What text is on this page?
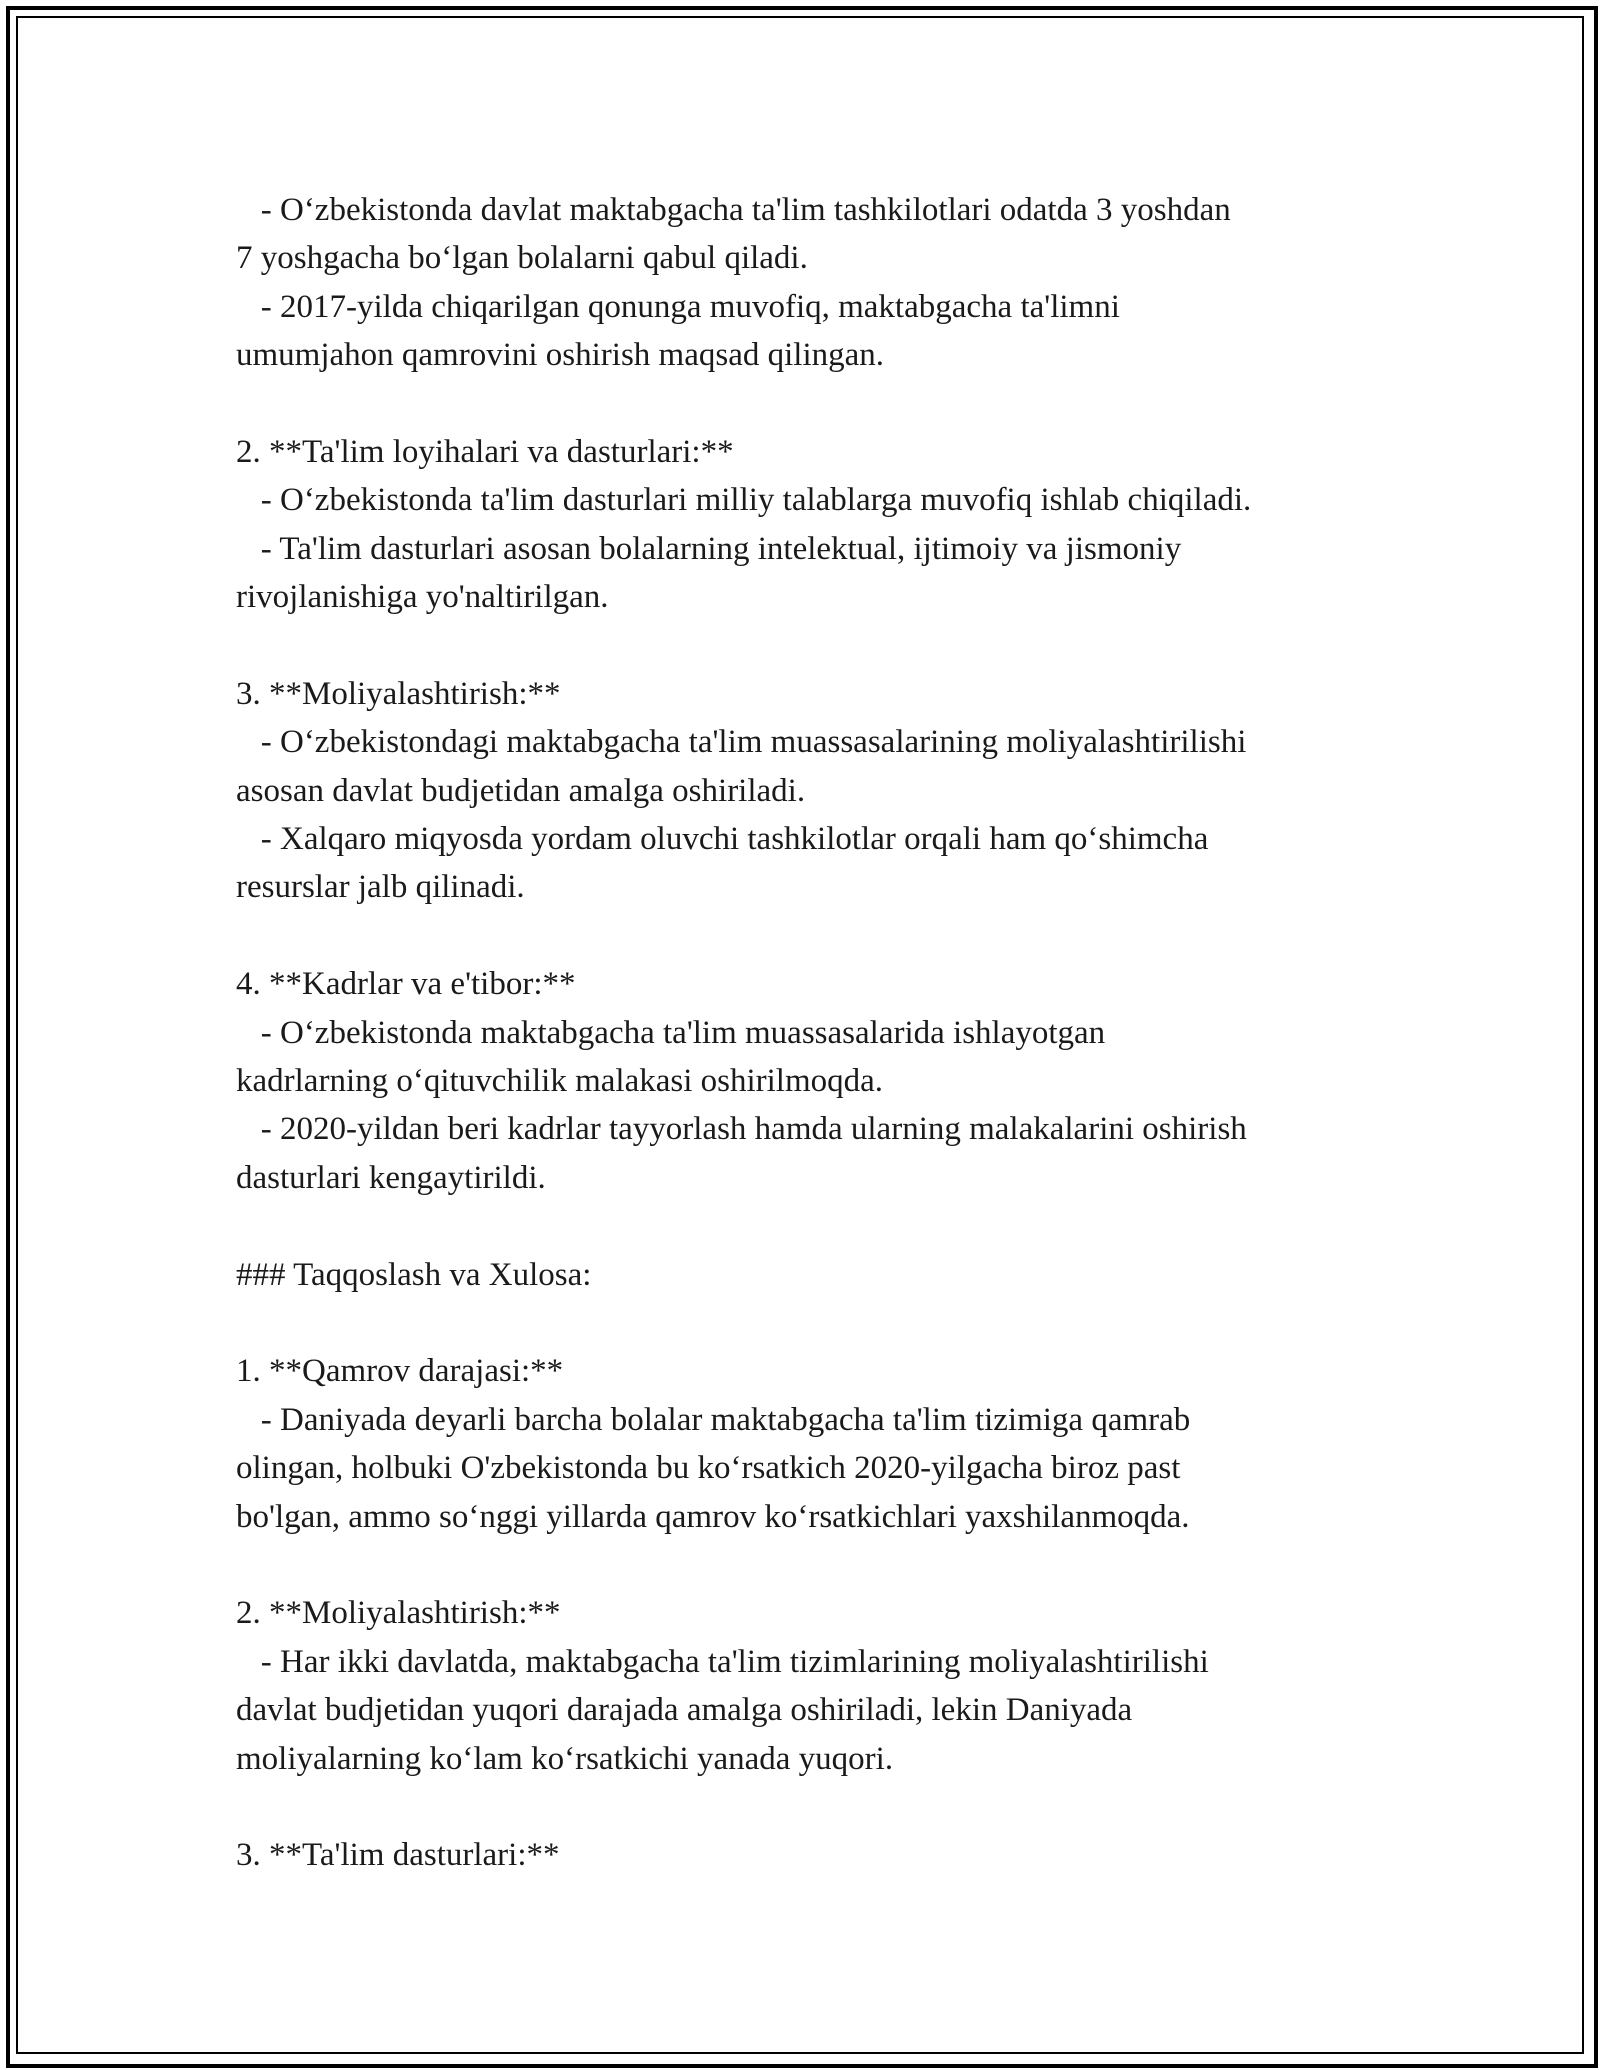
- O‘zbekistonda davlat maktabgacha ta'lim tashkilotlari odatda 3 yoshdan
7 yoshgacha bo‘lgan bolalarni qabul qiladi.
- 2017-yilda chiqarilgan qonunga muvofiq, maktabgacha ta'limni
umumjahon qamrovini oshirish maqsad qilingan.
2. **Ta'lim loyihalari va dasturlari:**
- O‘zbekistonda ta'lim dasturlari milliy talablarga muvofiq ishlab chiqiladi.
- Ta'lim dasturlari asosan bolalarning intelektual, ijtimoiy va jismoniy
rivojlanishiga yo'naltirilgan.
3. **Moliyalashtirish:**
- O‘zbekistondagi maktabgacha ta'lim muassasalarining moliyalashtirilishi
asosan davlat budjetidan amalga oshiriladi.
- Xalqaro miqyosda yordam oluvchi tashkilotlar orqali ham qo‘shimcha
resurslar jalb qilinadi.
4. **Kadrlar va e'tibor:**
- O‘zbekistonda maktabgacha ta'lim muassasalarida ishlayotgan
kadrlarning o‘qituvchilik malakasi oshirilmoqda.
- 2020-yildan beri kadrlar tayyorlash hamda ularning malakalarini oshirish
dasturlari kengaytirildi.
### Taqqoslash va Xulosa:
1. **Qamrov darajasi:**
- Daniyada deyarli barcha bolalar maktabgacha ta'lim tizimiga qamrab
olingan, holbuki O'zbekistonda bu ko‘rsatkich 2020-yilgacha biroz past
bo'lgan, ammo so‘nggi yillarda qamrov ko‘rsatkichlari yaxshilanmoqda.
2. **Moliyalashtirish:**
- Har ikki davlatda, maktabgacha ta'lim tizimlarining moliyalashtirilishi
davlat budjetidan yuqori darajada amalga oshiriladi, lekin Daniyada
moliyalarning ko‘lam ko‘rsatkichi yanada yuqori.
3. **Ta'lim dasturlari:**
